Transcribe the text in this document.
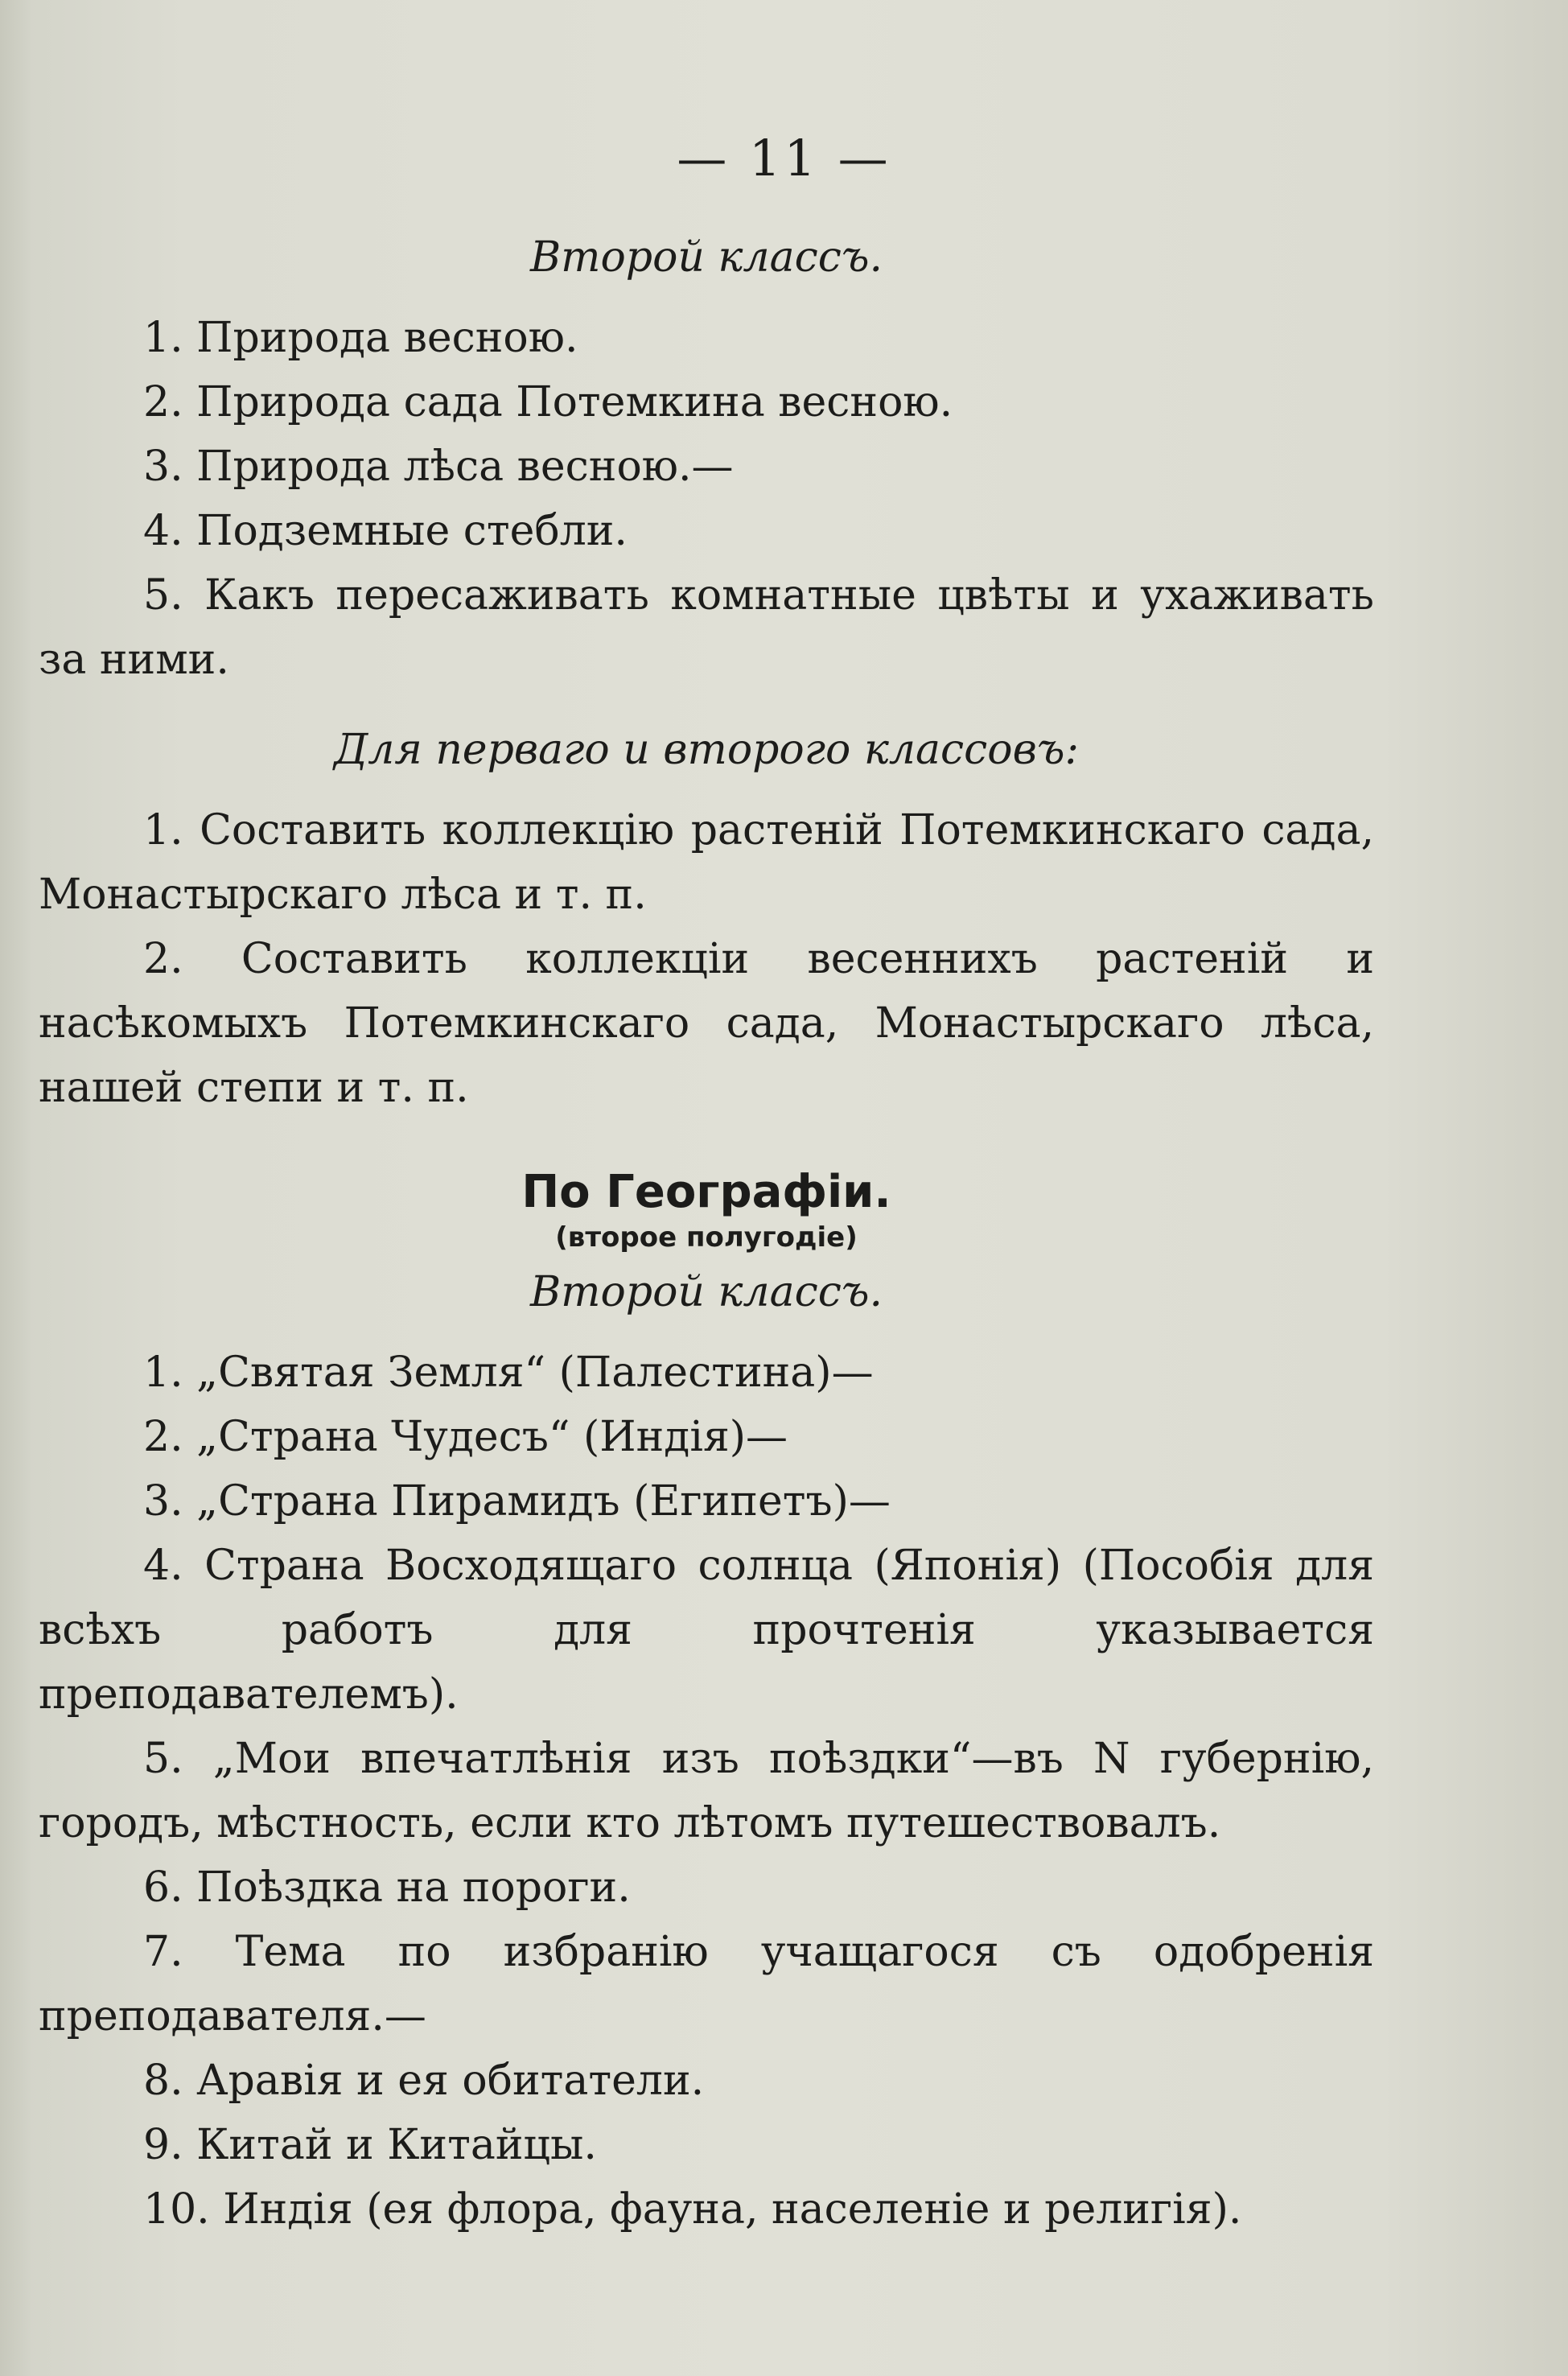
— 11 —

Второй классъ.

1. Природа весною.

2. Природа сада Потемкина весною.

3. Природа лѣса весною.—

4. Подземные стебли.

5. Какъ пересаживать комнатные цвѣты и ухаживать за ними.

Для перваго и второго классовъ:

1. Составить коллекцію растеній Потемкинскаго сада, Монастырскаго лѣса и т. п.

2. Составить коллекціи весеннихъ растеній и насѣкомыхъ Потемкинскаго сада, Монастырскаго лѣса, нашей степи и т. п.

По Географіи.

(второе полугодіе)

Второй классъ.

1. „Святая Земля“ (Палестина)—

2. „Страна Чудесъ“ (Индія)—

3. „Страна Пирамидъ (Египетъ)—

4. Страна Восходящаго солнца (Японія) (Пособія для всѣхъ работъ для прочтенія указывается преподавателемъ).

5. „Мои впечатлѣнія изъ поѣздки“—въ N губернію, городъ, мѣстность, если кто лѣтомъ путешествовалъ.

6. Поѣздка на пороги.

7. Тема по избранію учащагося съ одобренія преподавателя.—

8. Аравія и ея обитатели.

9. Китай и Китайцы.

10. Индія (ея флора, фауна, населеніе и религія).
